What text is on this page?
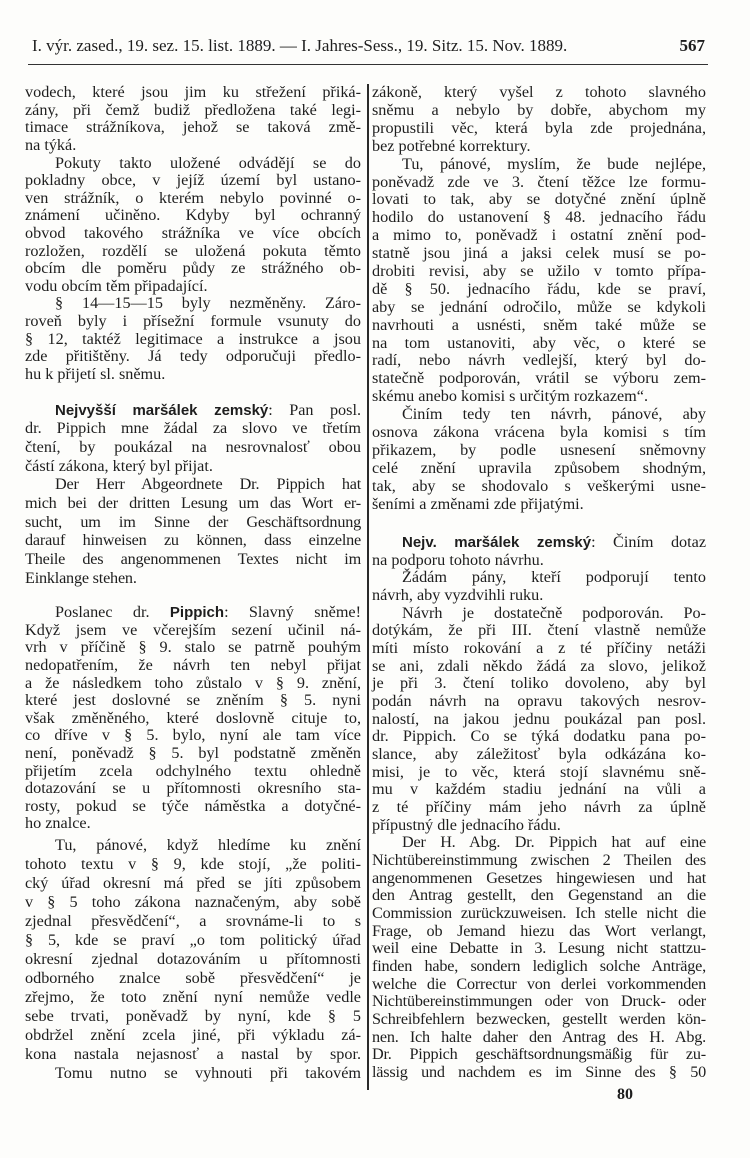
I. výr. zased., 19. sez. 15. list. 1889. — I. Jahres-Sess., 19. Sitz. 15. Nov. 1889.	567
vodech, které jsou jim ku střežení přiká-
zány, při čemž budiž předložena také legi-
timace strážníkova, jehož se taková změ-
na týká.
Pokuty takto uložené odvádějí se do
pokladny obce, v jejíž území byl ustano-
ven strážník, o kterém nebylo povinné o-
známení učiněno. Kdyby byl ochranný
obvod takového strážníka ve více obcích
rozložen, rozdělí se uložená pokuta těmto
obcím dle poměru půdy ze strážného ob-
vodu obcím těm připadající.
§ 14—15—15 byly nezměněny. Záro-
roveň byly i přísežní formule vsunuty do
§ 12, taktéž legitimace a instrukce a jsou
zde přitištěny. Já tedy odporučuji předlo-
hu k přijetí sl. sněmu.
Nejvyšší maršálek zemský: Pan posl.
dr. Pippich mne žádal za slovo ve třetím
čtení, by poukázal na nesrovnalosť obou
částí zákona, který byl přijat.
Der Herr Abgeordnete Dr. Pippich hat
mich bei der dritten Lesung um das Wort er-
sucht, um im Sinne der Geschäftsordnung
darauf hinweisen zu können, dass einzelne
Theile des angenommenen Textes nicht im
Einklange stehen.
Poslanec dr. Pippich: Slavný sněme!
Když jsem ve včerejším sezení učinil ná-
vrh v příčině § 9. stalo se patrně pouhým
nedopatřením, že návrh ten nebyl přijat
a že následkem toho zůstalo v § 9. znění,
které jest doslovné se zněním § 5. nyni
však změněného, které doslovně cituje to,
co dříve v § 5. bylo, nyní ale tam více
není, poněvadž § 5. byl podstatně změněn
přijetím zcela odchylného textu ohledně
dotazování se u přítomnosti okresního sta-
rosty, pokud se týče náměstka a dotyčné-
ho znalce.
Tu, pánové, když hledíme ku znění
tohoto textu v § 9, kde stojí, „že politi-
cký úřad okresní má před se jíti způsobem
v § 5 toho zákona naznačeným, aby sobě
zjednal přesvědčení“, a srovnáme-li to s
§ 5, kde se praví „o tom politický úřad
okresní zjednal dotazováním u přítomnosti
odborného znalce sobě přesvědčení“ je
zřejmo, že toto znění nyní nemůže vedle
sebe trvati, poněvadž by nyní, kde § 5
obdržel znění zcela jiné, při výkladu zá-
kona nastala nejasnosť a nastal by spor.
Tomu nutno se vyhnouti při takovém
zákoně, který vyšel z tohoto slavného
sněmu a nebylo by dobře, abychom my
propustili věc, která byla zde projednána,
bez potřebné korrektury.
Tu, pánové, myslím, že bude nejlépe,
poněvadž zde ve 3. čtení těžce lze formu-
lovati to tak, aby se dotyčné znění úplně
hodilo do ustanovení § 48. jednacího řádu
a mimo to, poněvadž i ostatní znění pod-
statně jsou jiná a jaksi celek musí se po-
drobiti revisi, aby se užilo v tomto přípa-
dě § 50. jednacího řádu, kde se praví,
aby se jednání odročilo, může se kdykoli
navrhouti a usnésti, sněm také může se
na tom ustanoviti, aby věc, o které se
radí, nebo návrh vedlejší, který byl do-
statečně podporován, vrátil se výboru zem-
skému anebo komisi s určitým rozkazem“.
Činím tedy ten návrh, pánové, aby
osnova zákona vrácena byla komisi s tím
přikazem, by podle usnesení sněmovny
celé znění upravila způsobem shodným,
tak, aby se shodovalo s veškerými usne-
šeními a změnami zde přijatými.
Nejv. maršálek zemský: Činím dotaz
na podporu tohoto návrhu.
Žádám pány, kteří podporují tento
návrh, aby vyzdvihli ruku.
Návrh je dostatečně podporován. Po-
dotýkám, že při III. čtení vlastně nemůže
míti místo rokování a z té příčiny netáži
se ani, zdali někdo žádá za slovo, jelikož
je při 3. čtení toliko dovoleno, aby byl
podán návrh na opravu takových nesrov-
nalostí, na jakou jednu poukázal pan posl.
dr. Pippich. Co se týká dodatku pana po-
slance, aby záležitosť byla odkázána ko-
misi, je to věc, která stojí slavnému sně-
mu v každém stadiu jednání na vůli a
z té příčiny mám jeho návrh za úplně
přípustný dle jednacího řádu.
Der H. Abg. Dr. Pippich hat auf eine
Nichtübereinstimmung zwischen 2 Theilen des
angenommenen Gesetzes hingewiesen und hat
den Antrag gestellt, den Gegenstand an die
Commission zurückzuweisen. Ich stelle nicht die
Frage, ob Jemand hiezu das Wort verlangt,
weil eine Debatte in 3. Lesung nicht stattzu-
finden habe, sondern lediglich solche Anträge,
welche die Correctur von derlei vorkommenden
Nichtübereinstimmungen oder von Druck- oder
Schreibfehlern bezwecken, gestellt werden kön-
nen. Ich halte daher den Antrag des H. Abg.
Dr. Pippich geschäftsordnungsmäßig für zu-
lässig und nachdem es im Sinne des § 50
80
